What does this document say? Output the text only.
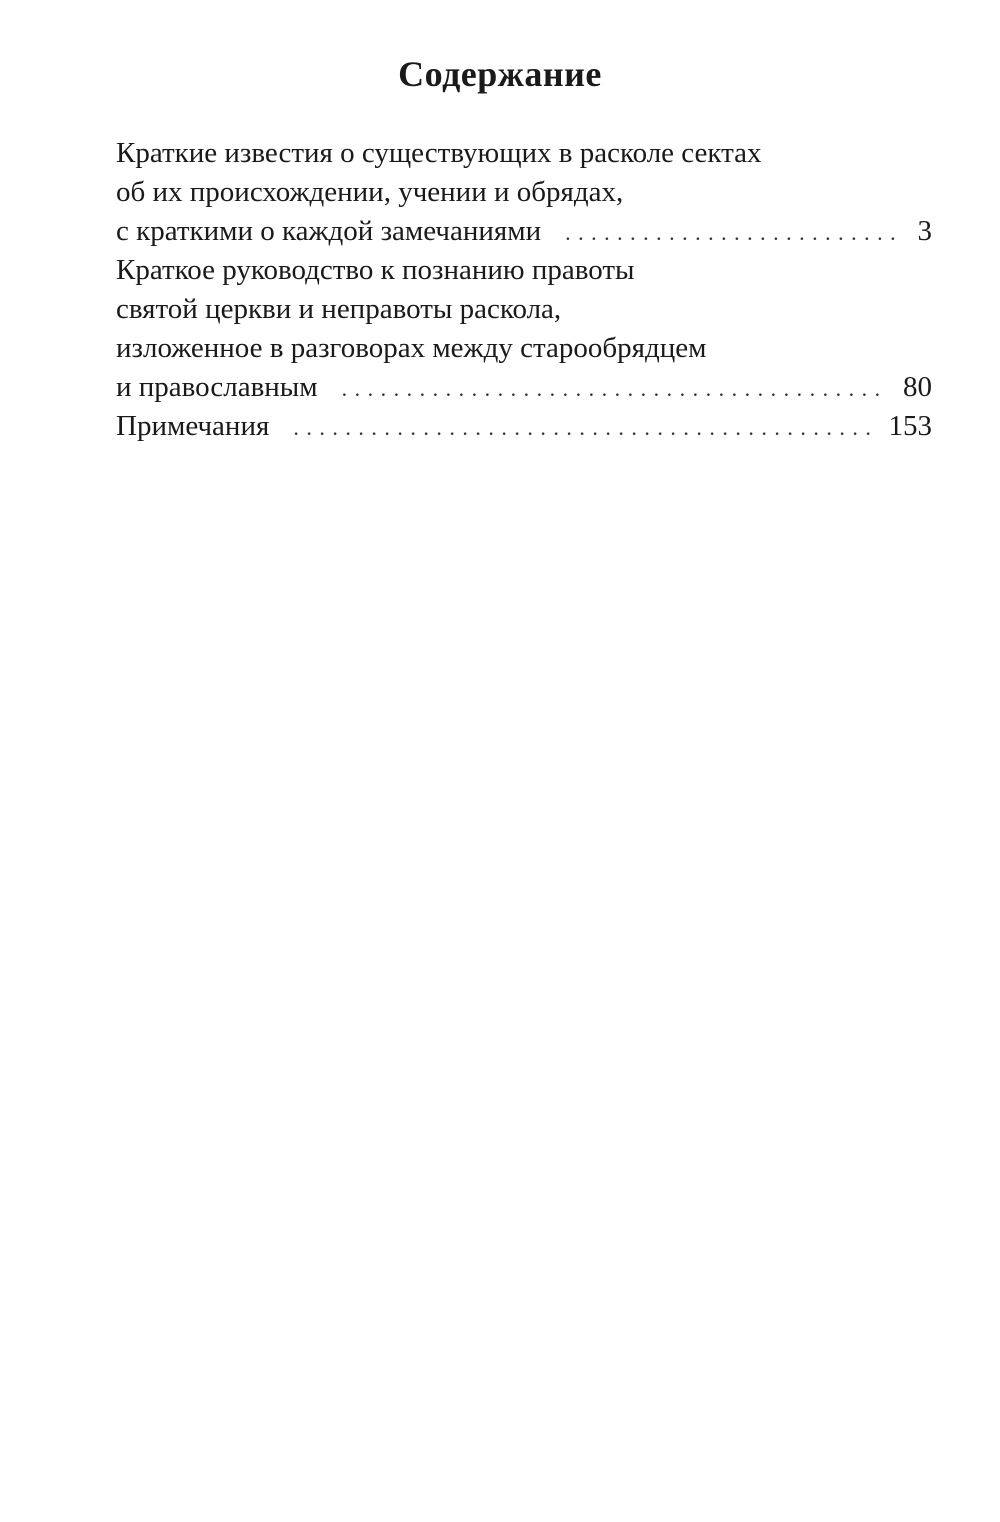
Содержание
Краткие известия о существующих в расколе сектах
об их происхождении, учении и обрядах,
с краткими о каждой замечаниями . . .	3
Краткое руководство к познанию правоты
святой церкви и неправоты раскола,
изложенное в разговорах между старообрядцем
и православным . . .	80
Примечания . . .	153
